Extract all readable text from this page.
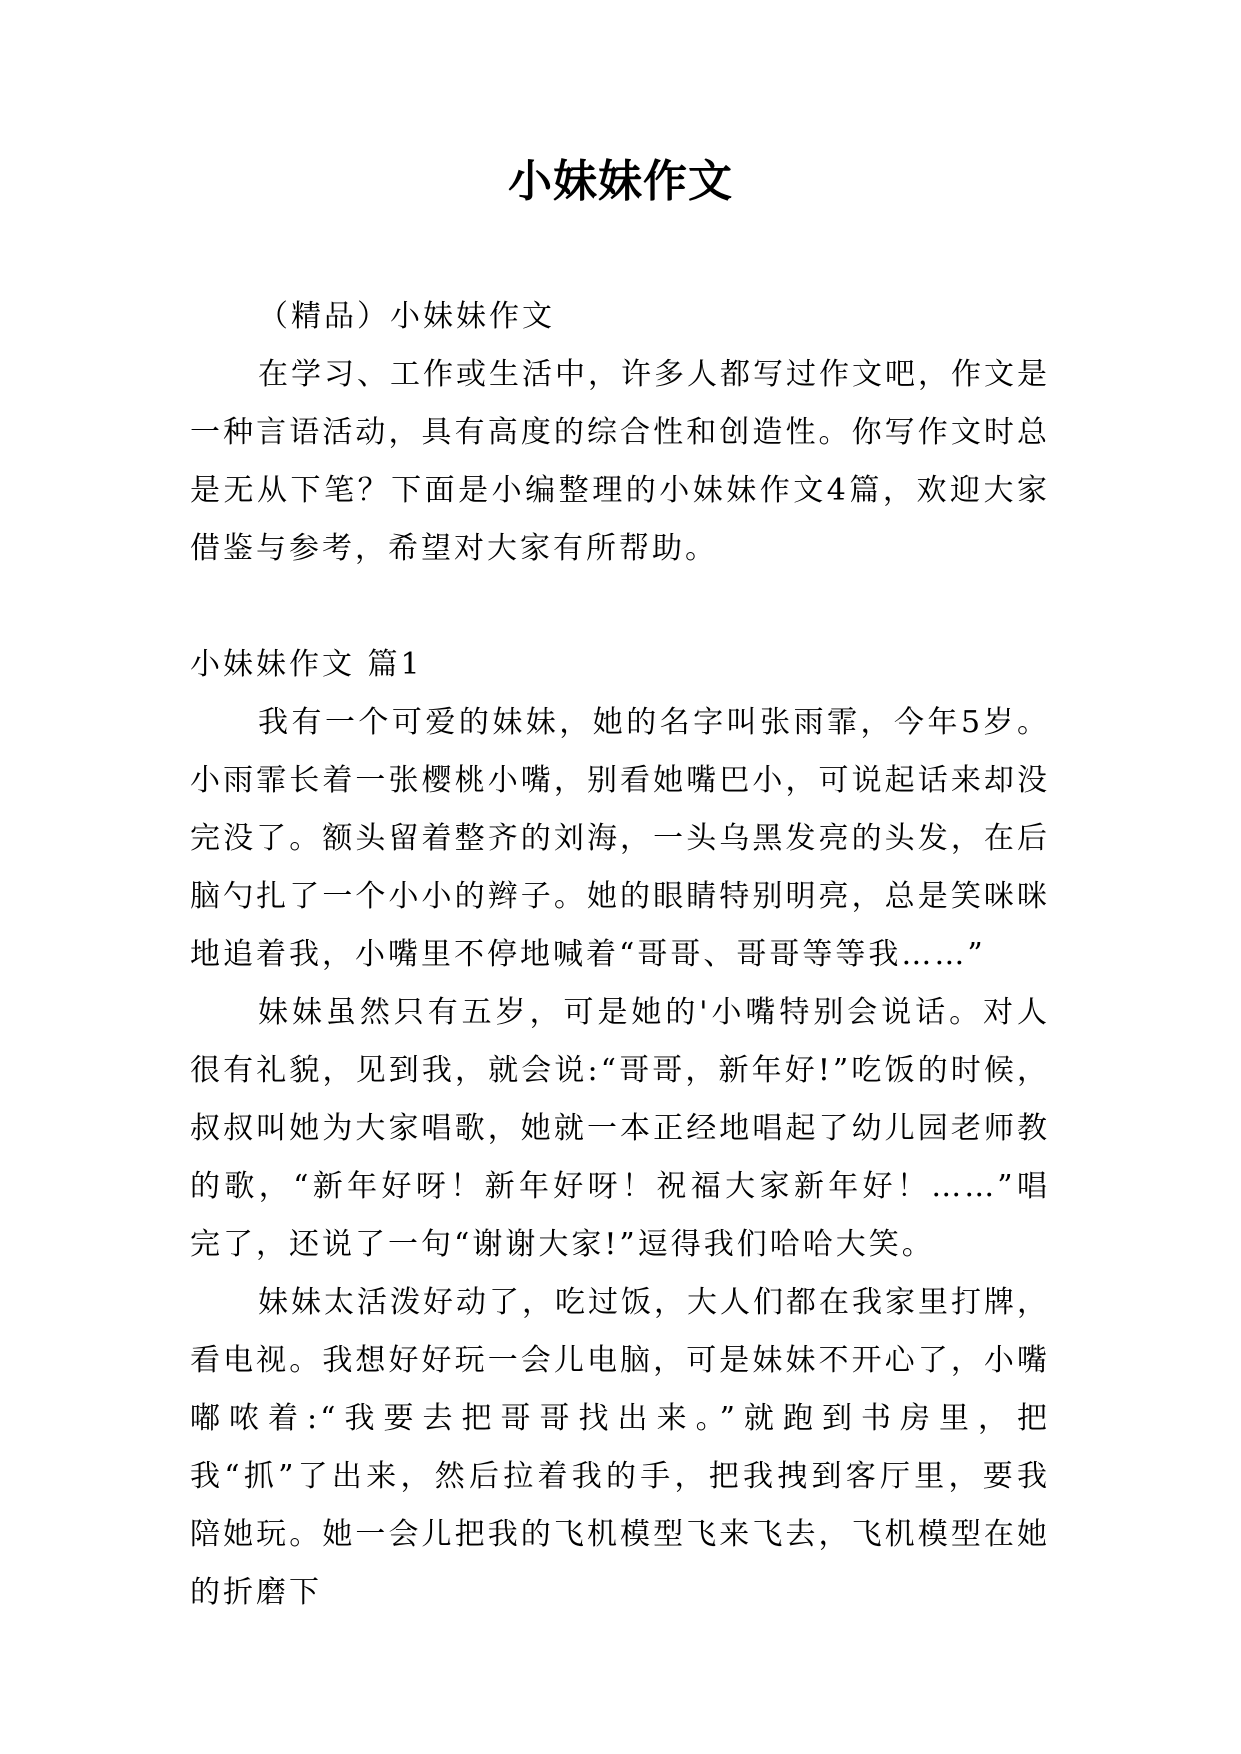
小妹妹作文

（精品）小妹妹作文

在学习、工作或生活中，许多人都写过作文吧，作文是一种言语活动，具有高度的综合性和创造性。你写作文时总是无从下笔？下面是小编整理的小妹妹作文4篇，欢迎大家借鉴与参考，希望对大家有所帮助。

小妹妹作文 篇1

我有一个可爱的妹妹，她的名字叫张雨霏，今年5岁。小雨霏长着一张樱桃小嘴，别看她嘴巴小，可说起话来却没完没了。额头留着整齐的刘海，一头乌黑发亮的头发，在后脑勺扎了一个小小的辫子。她的眼睛特别明亮，总是笑咪咪地追着我，小嘴里不停地喊着“哥哥、哥哥等等我……”

妹妹虽然只有五岁，可是她的'小嘴特别会说话。对人很有礼貌，见到我，就会说:“哥哥，新年好!”吃饭的时候，叔叔叫她为大家唱歌，她就一本正经地唱起了幼儿园老师教的歌，“新年好呀！新年好呀！祝福大家新年好！……”唱完了，还说了一句“谢谢大家!”逗得我们哈哈大笑。

妹妹太活泼好动了，吃过饭，大人们都在我家里打牌，看电视。我想好好玩一会儿电脑，可是妹妹不开心了，小嘴嘟哝着:“我要去把哥哥找出来。”就跑到书房里，把我“抓”了出来，然后拉着我的手，把我拽到客厅里，要我陪她玩。她一会儿把我的飞机模型飞来飞去，飞机模型在她的折磨下
